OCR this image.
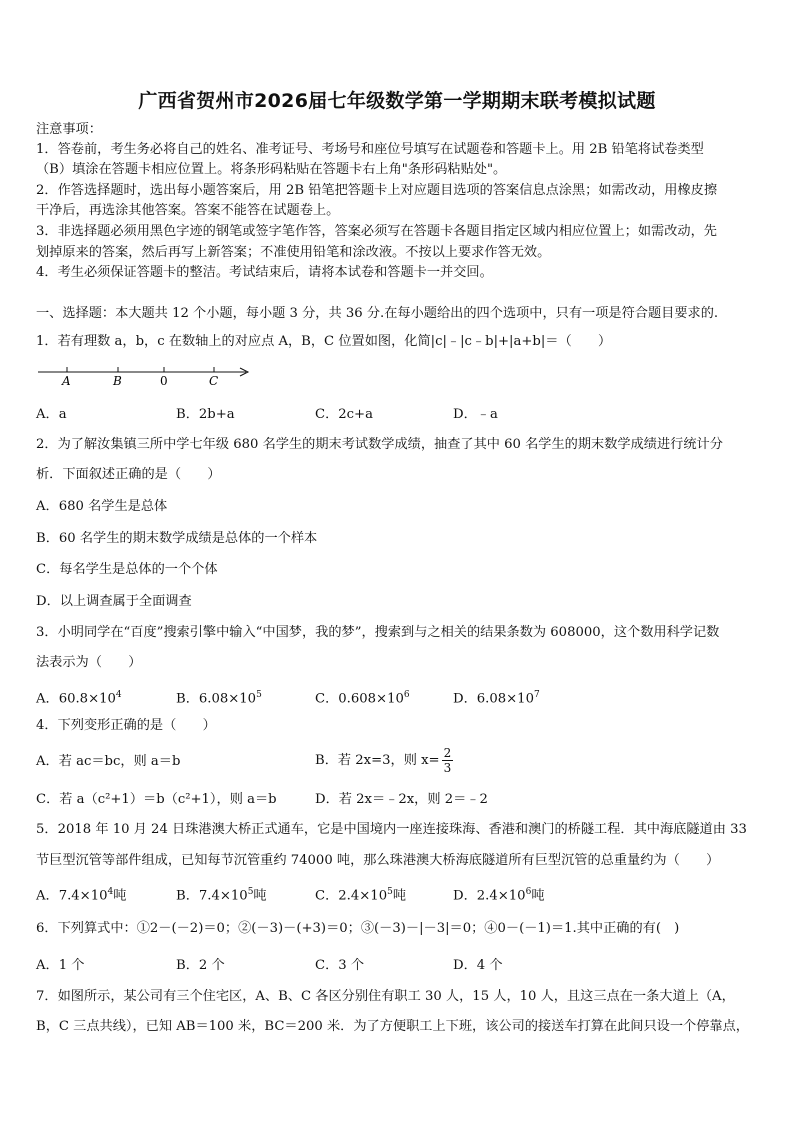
广西省贺州市2026届七年级数学第一学期期末联考模拟试题
注意事项：
1．答卷前，考生务必将自己的姓名、准考证号、考场号和座位号填写在试题卷和答题卡上。用 2B 铅笔将试卷类型
（B）填涂在答题卡相应位置上。将条形码粘贴在答题卡右上角"条形码粘贴处"。
2．作答选择题时，选出每小题答案后，用 2B 铅笔把答题卡上对应题目选项的答案信息点涂黑；如需改动，用橡皮擦
干净后，再选涂其他答案。答案不能答在试题卷上。
3．非选择题必须用黑色字迹的钢笔或签字笔作答，答案必须写在答题卡各题目指定区域内相应位置上；如需改动，先
划掉原来的答案，然后再写上新答案；不准使用铅笔和涂改液。不按以上要求作答无效。
4．考生必须保证答题卡的整洁。考试结束后，请将本试卷和答题卡一并交回。
一、选择题：本大题共 12 个小题，每小题 3 分，共 36 分.在每小题给出的四个选项中，只有一项是符合题目要求的.
1．若有理数 a，b，c 在数轴上的对应点 A，B，C 位置如图，化简|c|﹣|c﹣b|+|a+b|＝（　　）
A	B	0	C
A．a	B．2b+a	C．2c+a	D．﹣a
2．为了解汝集镇三所中学七年级 680 名学生的期末考试数学成绩，抽查了其中 60 名学生的期末数学成绩进行统计分
析．下面叙述正确的是（　　）
A．680 名学生是总体
B．60 名学生的期末数学成绩是总体的一个样本
C．每名学生是总体的一个个体
D．以上调查属于全面调查
3．小明同学在“百度”搜索引擎中输入“中国梦，我的梦”，搜索到与之相关的结果条数为 608000，这个数用科学记数
法表示为（　　）
A．$60.8\times 10^4$	B．$6.08\times 10^5$	C．$0.608\times 10^6$	D．$6.08\times 10^7$
4．下列变形正确的是（　　）
A．若 ac＝bc，则 a＝b	B．若 2x=3，则 $x= \frac{2}{3}$
C．若 a（c²+1）＝b（c²+1），则 a＝b	D．若 2x＝﹣2x，则 2＝﹣2
5．2018 年 10 月 24 日珠港澳大桥正式通车，它是中国境内一座连接珠海、香港和澳门的桥隧工程．其中海底隧道由 33
节巨型沉管等部件组成，已知每节沉管重约 74000 吨，那么珠港澳大桥海底隧道所有巨型沉管的总重量约为（　　）
A．$7.4\times 10^4$吨	B．$7.4\times 10^5$吨	C．$2.4\times 10^5$吨	D．$2.4\times 10^6$吨
6．下列算式中：①2－(－2)＝0；②(－3)－(+3)＝0；③(－3)－|－3|＝0；④0－(－1)＝1.其中正确的有(　)
A．1 个	B．2 个	C．3 个	D．4 个
7．如图所示，某公司有三个住宅区，A、B、C 各区分别住有职工 30 人，15 人，10 人，且这三点在一条大道上（A，
B，C 三点共线），已知 AB＝100 米，BC＝200 米．为了方便职工上下班，该公司的接送车打算在此间只设一个停靠点，
